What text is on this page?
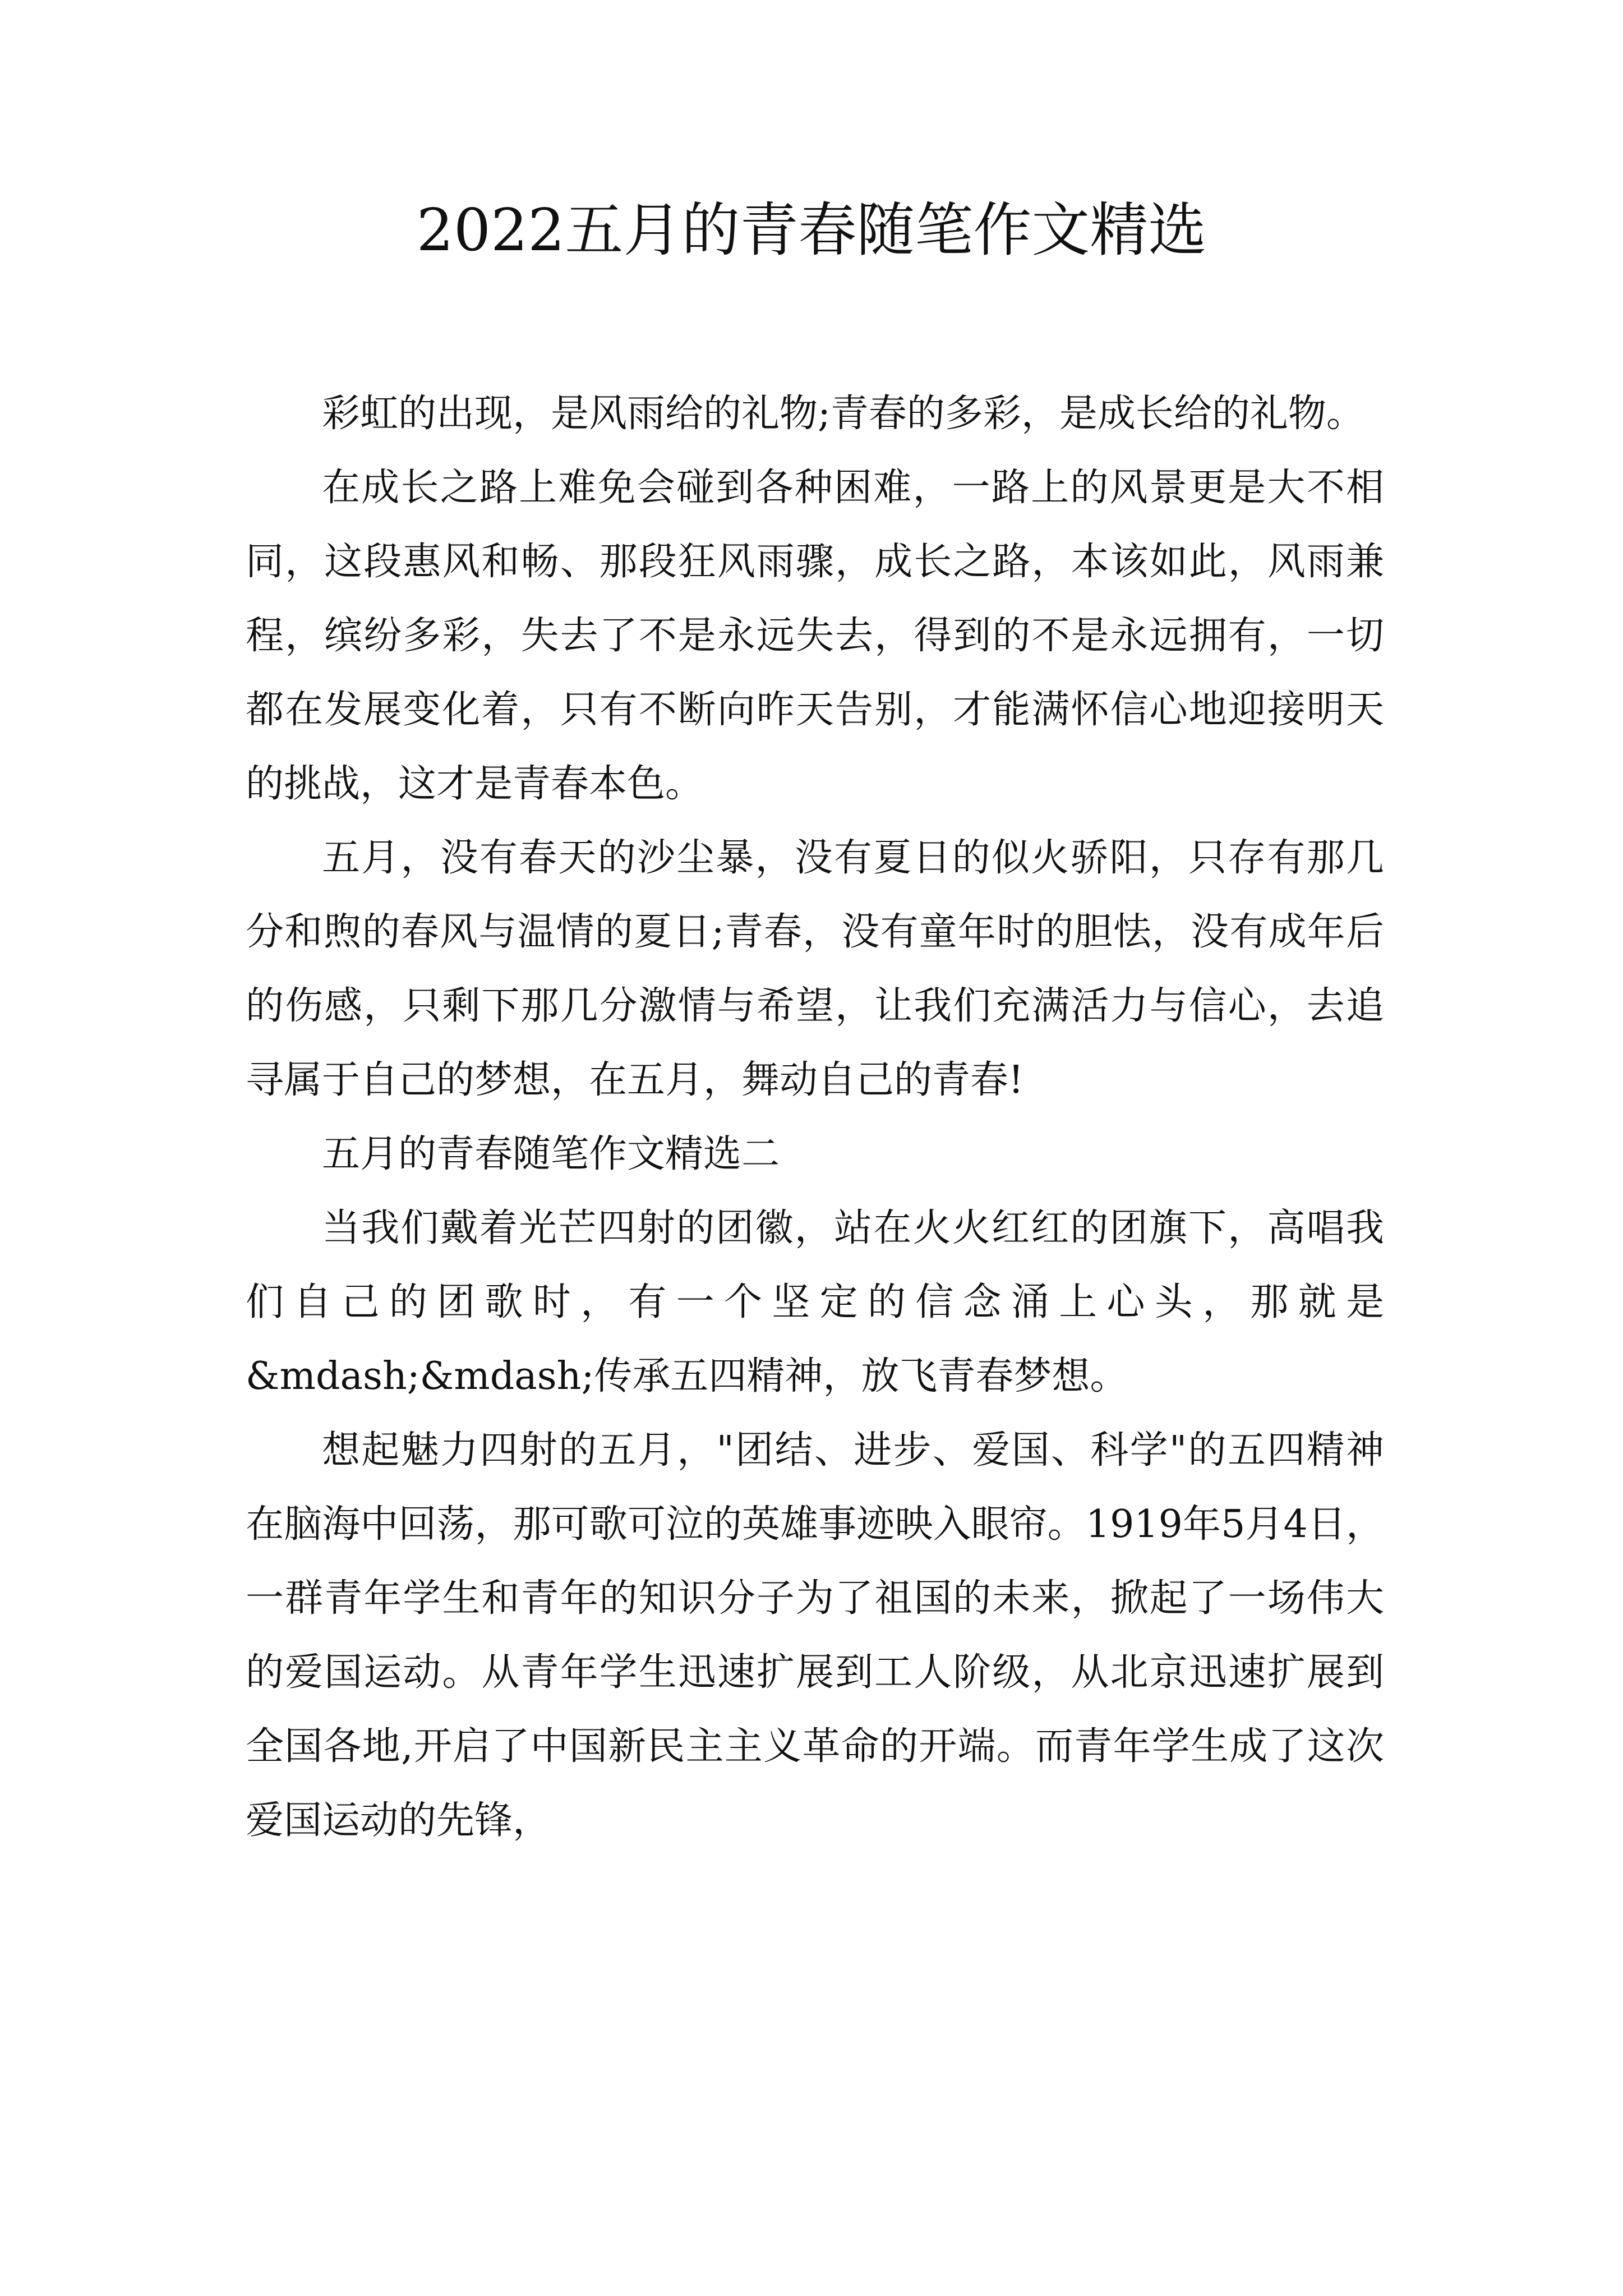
2022五月的青春随笔作文精选

彩虹的出现，是风雨给的礼物;青春的多彩，是成长给的礼物。

在成长之路上难免会碰到各种困难，一路上的风景更是大不相同，这段惠风和畅、那段狂风雨骤，成长之路，本该如此，风雨兼程，缤纷多彩，失去了不是永远失去，得到的不是永远拥有，一切都在发展变化着，只有不断向昨天告别，才能满怀信心地迎接明天的挑战，这才是青春本色。

五月，没有春天的沙尘暴，没有夏日的似火骄阳，只存有那几分和煦的春风与温情的夏日;青春，没有童年时的胆怯，没有成年后的伤感，只剩下那几分激情与希望，让我们充满活力与信心，去追寻属于自己的梦想，在五月，舞动自己的青春!

五月的青春随笔作文精选二

当我们戴着光芒四射的团徽，站在火火红红的团旗下，高唱我们自己的团歌时，有一个坚定的信念涌上心头，那就是&mdash;&mdash;传承五四精神，放飞青春梦想。

想起魅力四射的五月，"团结、进步、爱国、科学"的五四精神在脑海中回荡，那可歌可泣的英雄事迹映入眼帘。1919年5月4日，一群青年学生和青年的知识分子为了祖国的未来，掀起了一场伟大的爱国运动。从青年学生迅速扩展到工人阶级，从北京迅速扩展到全国各地,开启了中国新民主主义革命的开端。而青年学生成了这次爱国运动的先锋，
